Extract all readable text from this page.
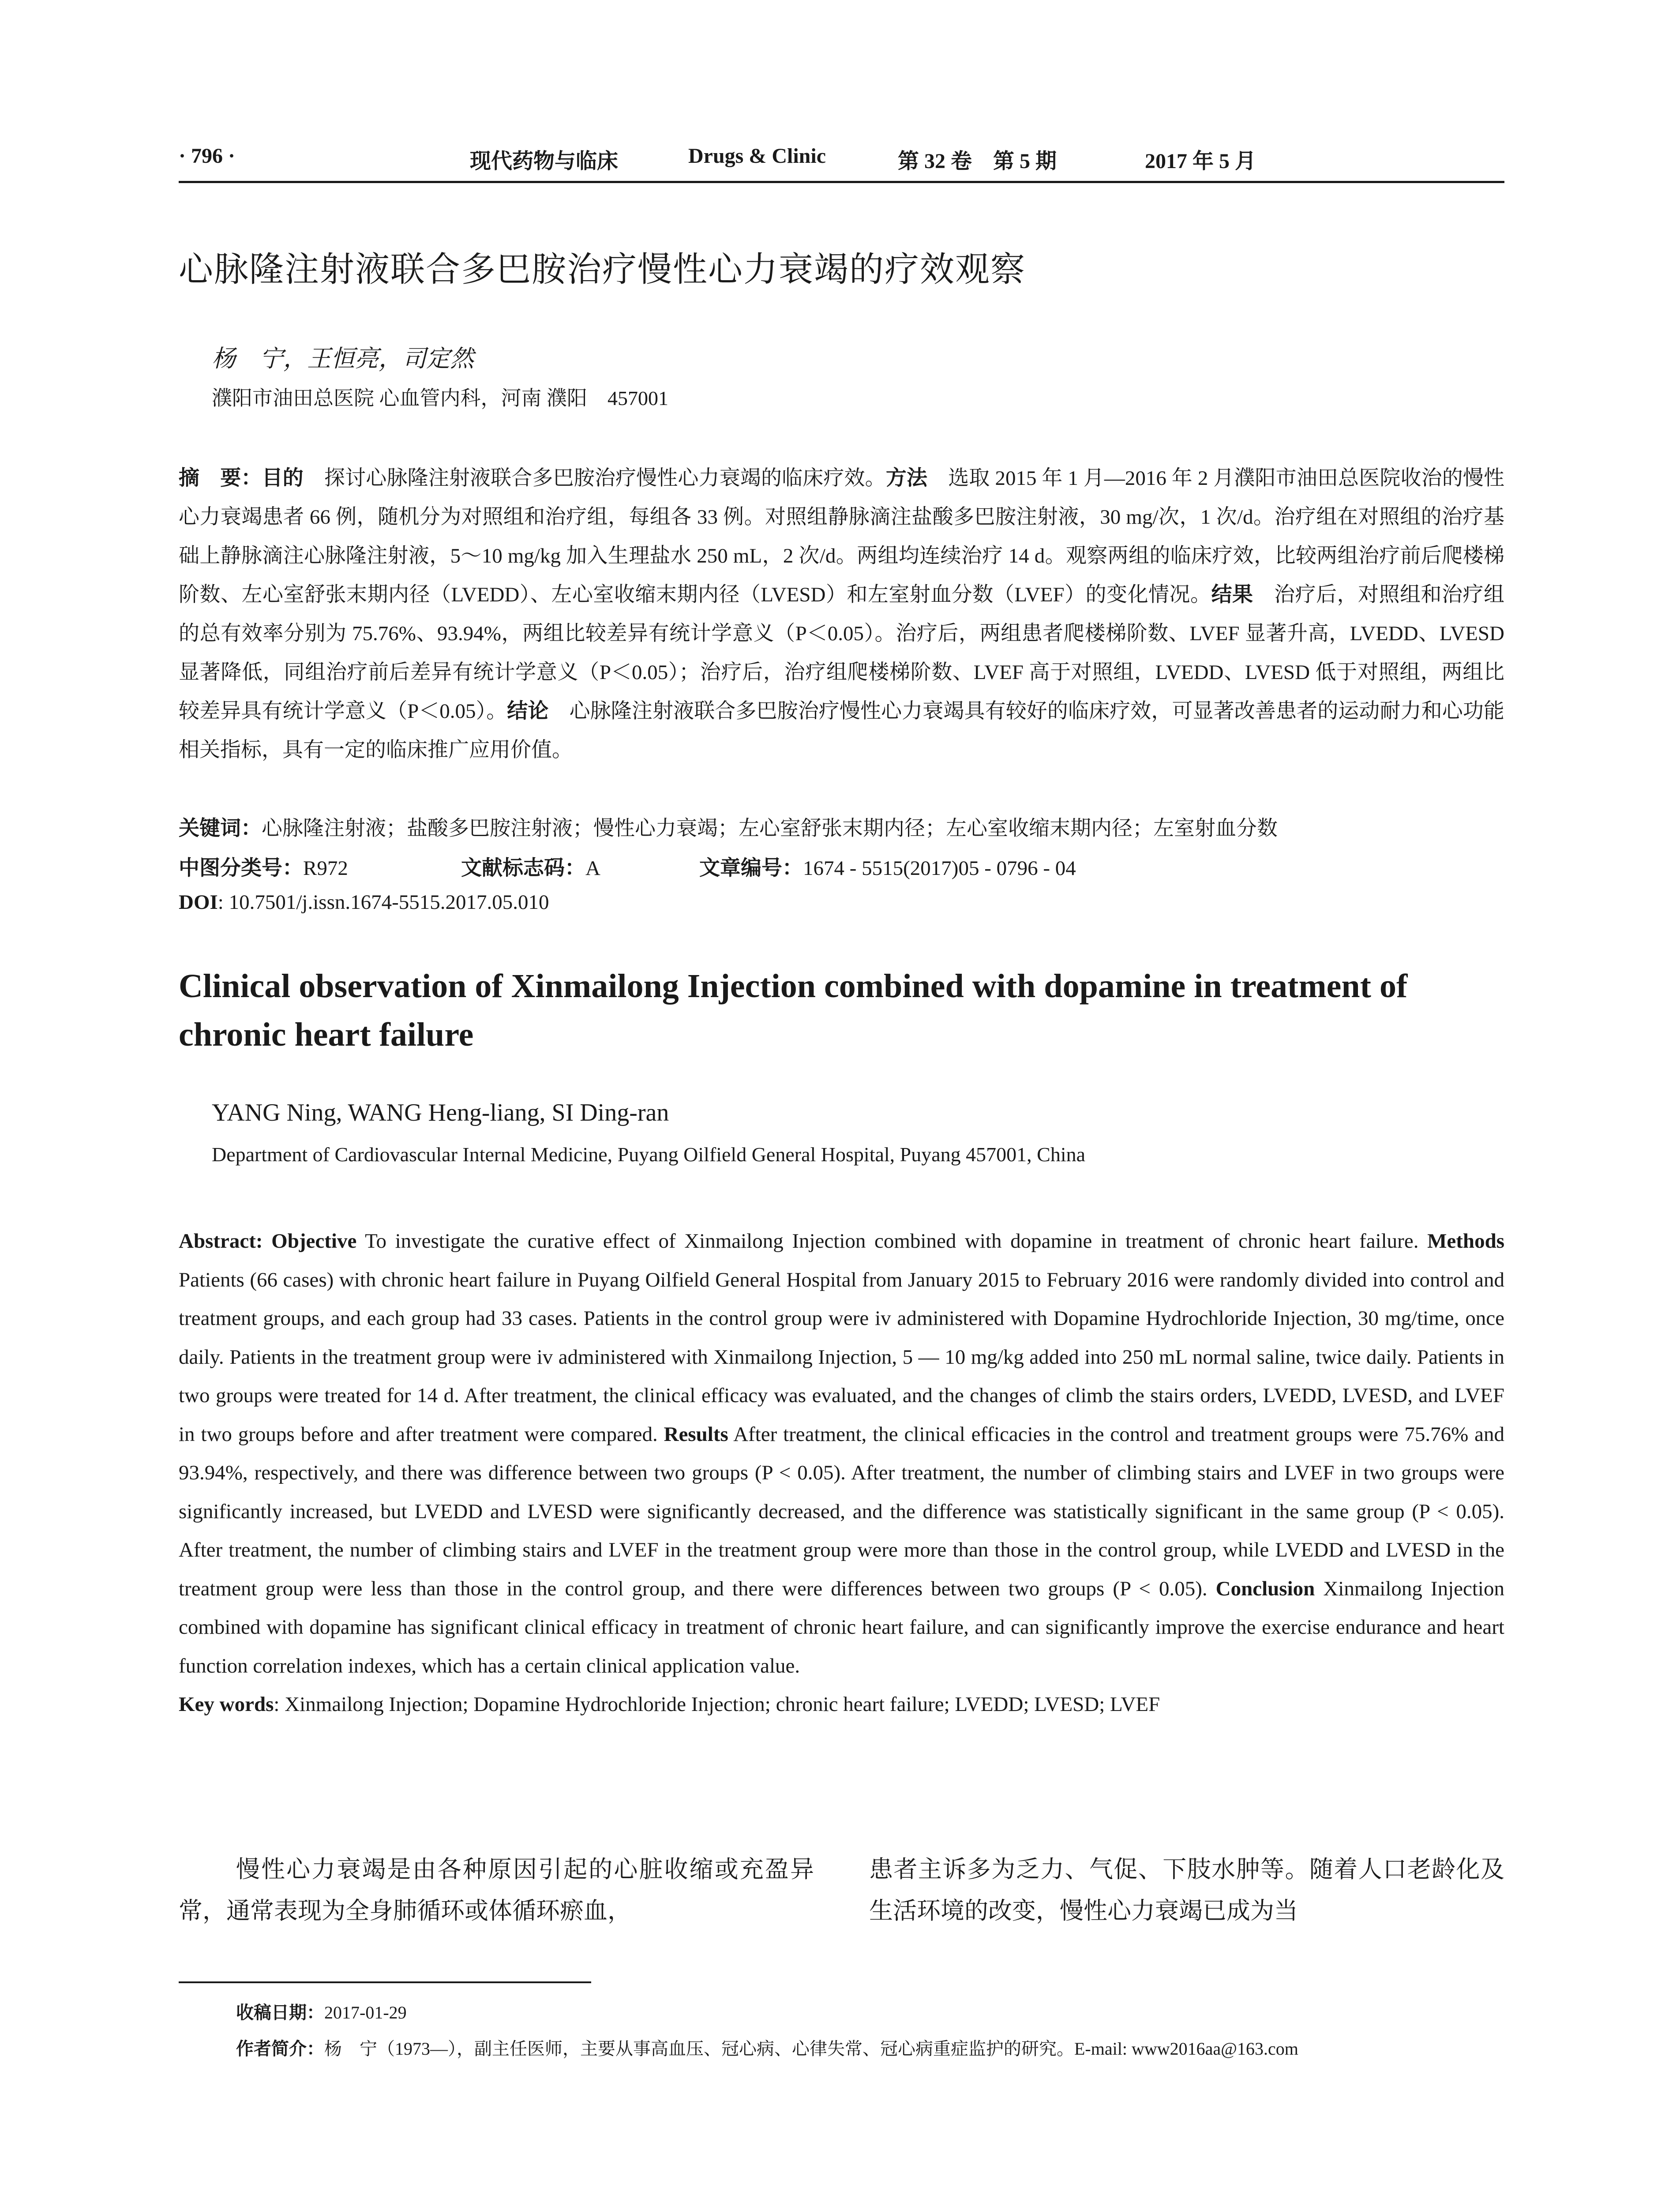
· 796 ·	现代药物与临床	Drugs & Clinic	第 32 卷　第 5 期	2017 年 5 月
心脉隆注射液联合多巴胺治疗慢性心力衰竭的疗效观察
杨　宁，王恒亮，司定然
濮阳市油田总医院 心血管内科，河南 濮阳　457001

摘　要：目的　探讨心脉隆注射液联合多巴胺治疗慢性心力衰竭的临床疗效。方法　选取 2015 年 1 月—2016 年 2 月濮阳市油田总医院收治的慢性心力衰竭患者 66 例，随机分为对照组和治疗组，每组各 33 例。对照组静脉滴注盐酸多巴胺注射液，30 mg/次，1 次/d。治疗组在对照组的治疗基础上静脉滴注心脉隆注射液，5～10 mg/kg 加入生理盐水 250 mL，2 次/d。两组均连续治疗 14 d。观察两组的临床疗效，比较两组治疗前后爬楼梯阶数、左心室舒张末期内径（LVEDD）、左心室收缩末期内径（LVESD）和左室射血分数（LVEF）的变化情况。结果　治疗后，对照组和治疗组的总有效率分别为 75.76%、93.94%，两组比较差异有统计学意义（P＜0.05）。治疗后，两组患者爬楼梯阶数、LVEF 显著升高，LVEDD、LVESD 显著降低，同组治疗前后差异有统计学意义（P＜0.05）；治疗后，治疗组爬楼梯阶数、LVEF 高于对照组，LVEDD、LVESD 低于对照组，两组比较差异具有统计学意义（P＜0.05）。结论　心脉隆注射液联合多巴胺治疗慢性心力衰竭具有较好的临床疗效，可显著改善患者的运动耐力和心功能相关指标，具有一定的临床推广应用价值。

关键词：心脉隆注射液；盐酸多巴胺注射液；慢性心力衰竭；左心室舒张末期内径；左心室收缩末期内径；左室射血分数
中图分类号：R972	文献标志码：A	文章编号：1674 - 5515(2017)05 - 0796 - 04
DOI: 10.7501/j.issn.1674-5515.2017.05.010
Clinical observation of Xinmailong Injection combined with dopamine in treatment of chronic heart failure
YANG Ning, WANG Heng-liang, SI Ding-ran
Department of Cardiovascular Internal Medicine, Puyang Oilfield General Hospital, Puyang 457001, China

Abstract: Objective To investigate the curative effect of Xinmailong Injection combined with dopamine in treatment of chronic heart failure. Methods Patients (66 cases) with chronic heart failure in Puyang Oilfield General Hospital from January 2015 to February 2016 were randomly divided into control and treatment groups, and each group had 33 cases. Patients in the control group were iv administered with Dopamine Hydrochloride Injection, 30 mg/time, once daily. Patients in the treatment group were iv administered with Xinmailong Injection, 5 — 10 mg/kg added into 250 mL normal saline, twice daily. Patients in two groups were treated for 14 d. After treatment, the clinical efficacy was evaluated, and the changes of climb the stairs orders, LVEDD, LVESD, and LVEF in two groups before and after treatment were compared. Results After treatment, the clinical efficacies in the control and treatment groups were 75.76% and 93.94%, respectively, and there was difference between two groups (P < 0.05). After treatment, the number of climbing stairs and LVEF in two groups were significantly increased, but LVEDD and LVESD were significantly decreased, and the difference was statistically significant in the same group (P < 0.05). After treatment, the number of climbing stairs and LVEF in the treatment group were more than those in the control group, while LVEDD and LVESD in the treatment group were less than those in the control group, and there were differences between two groups (P < 0.05). Conclusion Xinmailong Injection combined with dopamine has significant clinical efficacy in treatment of chronic heart failure, and can significantly improve the exercise endurance and heart function correlation indexes, which has a certain clinical application value.

Key words: Xinmailong Injection; Dopamine Hydrochloride Injection; chronic heart failure; LVEDD; LVESD; LVEF

慢性心力衰竭是由各种原因引起的心脏收缩或充盈异常，通常表现为全身肺循环或体循环瘀血，

患者主诉多为乏力、气促、下肢水肿等。随着人口老龄化及生活环境的改变，慢性心力衰竭已成为当

收稿日期：2017-01-29
作者简介：杨　宁（1973—），副主任医师，主要从事高血压、冠心病、心律失常、冠心病重症监护的研究。E-mail: www2016aa@163.com
